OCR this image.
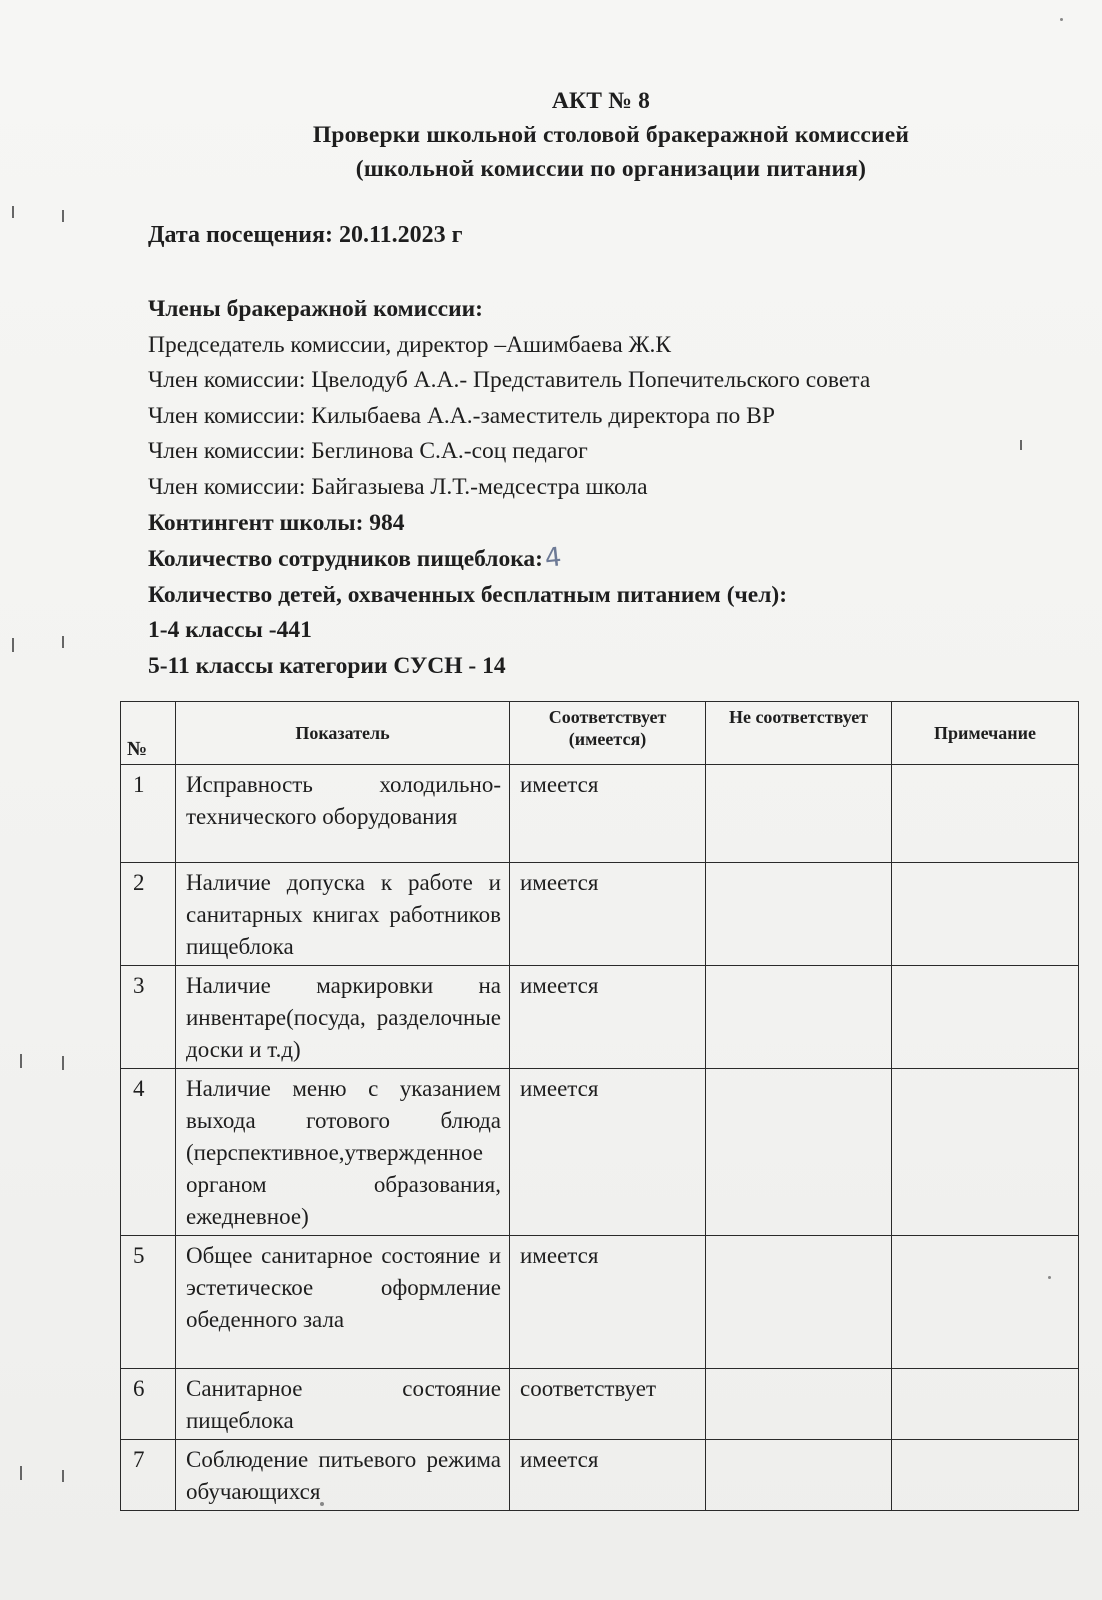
АКТ № 8
Проверки школьной столовой бракеражной комиссией
(школьной комиссии по организации питания)
Дата посещения: 20.11.2023 г
Члены бракеражной комиссии:
Председатель комиссии, директор –Ашимбаева Ж.К
Член комиссии: Цвелодуб А.А.- Представитель Попечительского совета
Член комиссии: Килыбаева А.А.-заместитель директора по ВР
Член комиссии: Беглинова С.А.-соц педагог
Член комиссии: Байгазыева Л.Т.-медсестра школа
Контингент школы: 984
Количество сотрудников пищеблока:4
Количество детей, охваченных бесплатным питанием (чел):
1-4 классы -441
5-11 классы категории СУСН - 14
№	Показатель	Соответствует (имеется)	Не соответствует	Примечание
1	Исправность холодильно-технического оборудования	имеется		
2	Наличие допуска к работе и санитарных книгах работников пищеблока	имеется		
3	Наличие маркировки на инвентаре(посуда, разделочные доски и т.д)	имеется		
4	Наличие меню с указанием выхода готового блюда (перспективное,утвержденное органом образования, ежедневное)	имеется		
5	Общее санитарное состояние и эстетическое оформление обеденного зала	имеется		
6	Санитарное состояние пищеблока	соответствует		
7	Соблюдение питьевого режима обучающихся	имеется		
